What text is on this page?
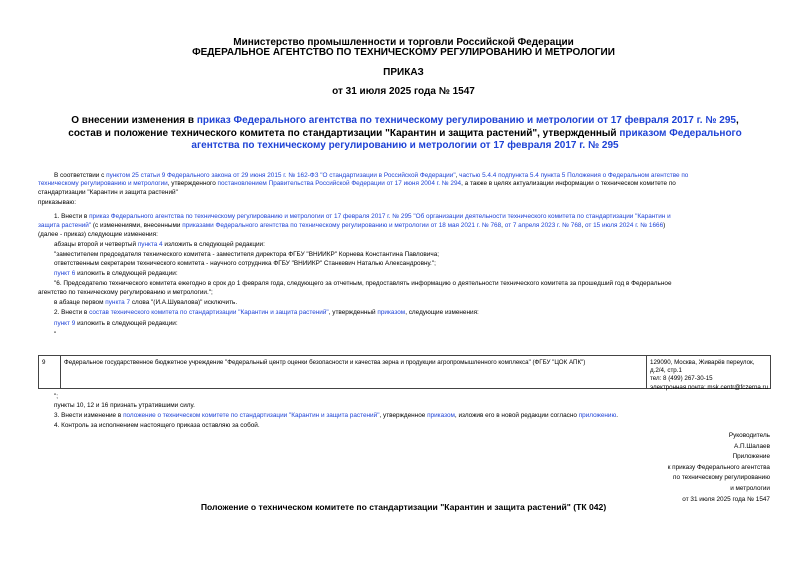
Министерство промышленности и торговли Российской Федерации
ФЕДЕРАЛЬНОЕ АГЕНТСТВО ПО ТЕХНИЧЕСКОМУ РЕГУЛИРОВАНИЮ И МЕТРОЛОГИИ
ПРИКАЗ
от 31 июля 2025 года № 1547
О внесении изменения в приказ Федерального агентства по техническому регулированию и метрологии от 17 февраля 2017 г. № 295, состав и положение технического комитета по стандартизации "Карантин и защита растений", утвержденный приказом Федерального агентства по техническому регулированию и метрологии от 17 февраля 2017 г. № 295
В соответствии с пунктом 25 статьи 9 Федерального закона от 29 июня 2015 г. № 162-ФЗ "О стандартизации в Российской Федерации", частью 5.4.4 подпункта 5.4 пункта 5 Положения о Федеральном агентстве по
техническому регулированию и метрологии, утвержденного постановлением Правительства Российской Федерации от 17 июня 2004 г. № 294, а также в целях актуализации информации о техническом комитете по
стандартизации "Карантин и защита растений"
приказываю:
1. Внести в приказ Федерального агентства по техническому регулированию и метрологии от 17 февраля 2017 г. № 295 "Об организации деятельности технического комитета по стандартизации "Карантин и
защита растений" (с изменениями, внесенными приказами Федерального агентства по техническому регулированию и метрологии от 18 мая 2021 г. № 768, от 7 апреля 2023 г. № 768, от 15 июля 2024 г. № 1666)
(далее - приказ) следующие изменения:
абзацы второй и четвертый пункта 4 изложить в следующей редакции:
"заместителем председателя технического комитета - заместителя директора ФГБУ "ВНИИКР" Корнева Константина Павловича;
ответственным секретарем технического комитета - научного сотрудника ФГБУ "ВНИИКР" Станкевич Наталью Александровну.";
пункт 6 изложить в следующей редакции:
"6. Председателю технического комитета ежегодно в срок до 1 февраля года, следующего за отчетным, предоставлять информацию о деятельности технического комитета за прошедший год в Федеральное
агентство по техническому регулированию и метрологии.";
в абзаце первом пункта 7 слова "(И.А.Шувалова)" исключить.
2. Внести в состав технического комитета по стандартизации "Карантин и защита растений", утвержденный приказом, следующие изменения:
пункт 9 изложить в следующей редакции:
"
9	Федеральное государственное бюджетное учреждение "Федеральный центр оценки безопасности и качества зерна и продукции агропромышленного комплекса" (ФГБУ "ЦОК АПК")	129090, Москва, Живарёв переулок, д.2/4, стр.1
тел: 8 (499) 267-30-15
электронная почта: msk.centr@fczerna.ru
";
пункты 10, 12 и 16 признать утратившими силу.
3. Внести изменение в положение о техническом комитете по стандартизации "Карантин и защита растений", утвержденное приказом, изложив его в новой редакции согласно приложению.
4. Контроль за исполнением настоящего приказа оставляю за собой.
Руководитель
А.П.Шалаев
Приложение
к приказу Федерального агентства
по техническому регулированию
и метрологии
от 31 июля 2025 года № 1547
Положение о техническом комитете по стандартизации "Карантин и защита растений" (ТК 042)
